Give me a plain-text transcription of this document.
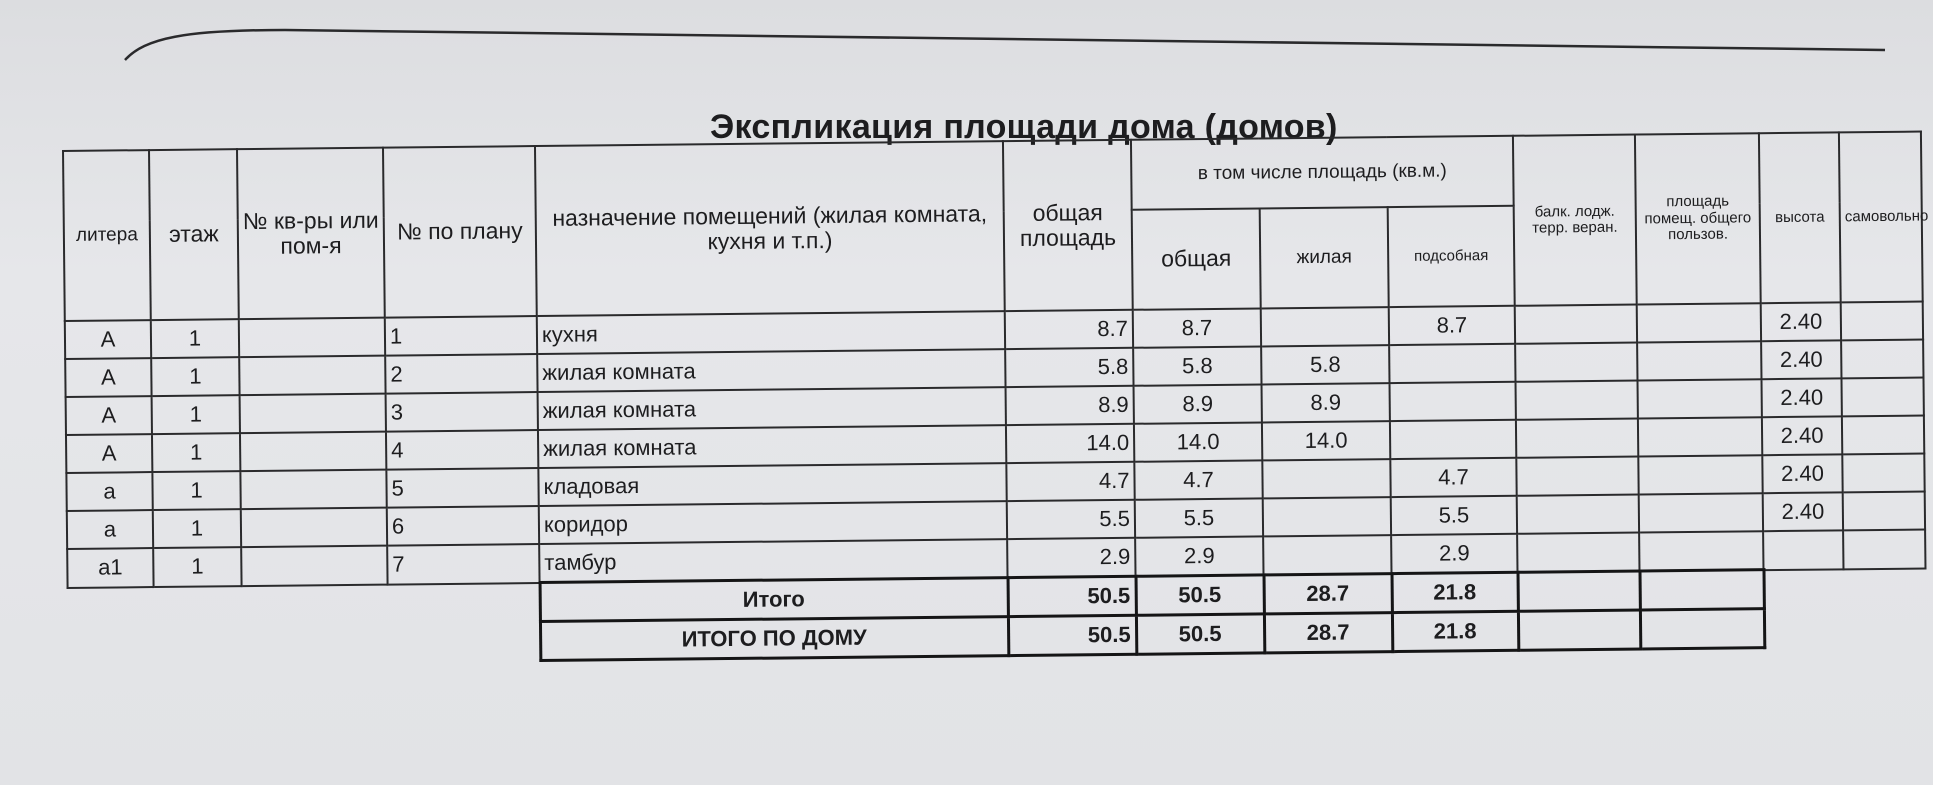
Экспликация площади дома (домов)
литера	этаж	№ кв-ры или пом-я	№ по плану	назначение помещений (жилая комната, кухня и т.п.)	общая площадь	в том числе площадь (кв.м.)			балк. лодж. терр. веран.	площадь помещ. общего пользов.	высота	самовольно
						общая	жилая	подсобная				
А	1		1	кухня	8.7	8.7		8.7			2.40	
А	1		2	жилая комната	5.8	5.8	5.8				2.40	
А	1		3	жилая комната	8.9	8.9	8.9				2.40	
А	1		4	жилая комната	14.0	14.0	14.0				2.40	
а	1		5	кладовая	4.7	4.7		4.7			2.40	
а	1		6	коридор	5.5	5.5		5.5			2.40	
а1	1		7	тамбур	2.9	2.9		2.9				
				Итого	50.5	50.5	28.7	21.8				
				ИТОГО ПО ДОМУ	50.5	50.5	28.7	21.8				
